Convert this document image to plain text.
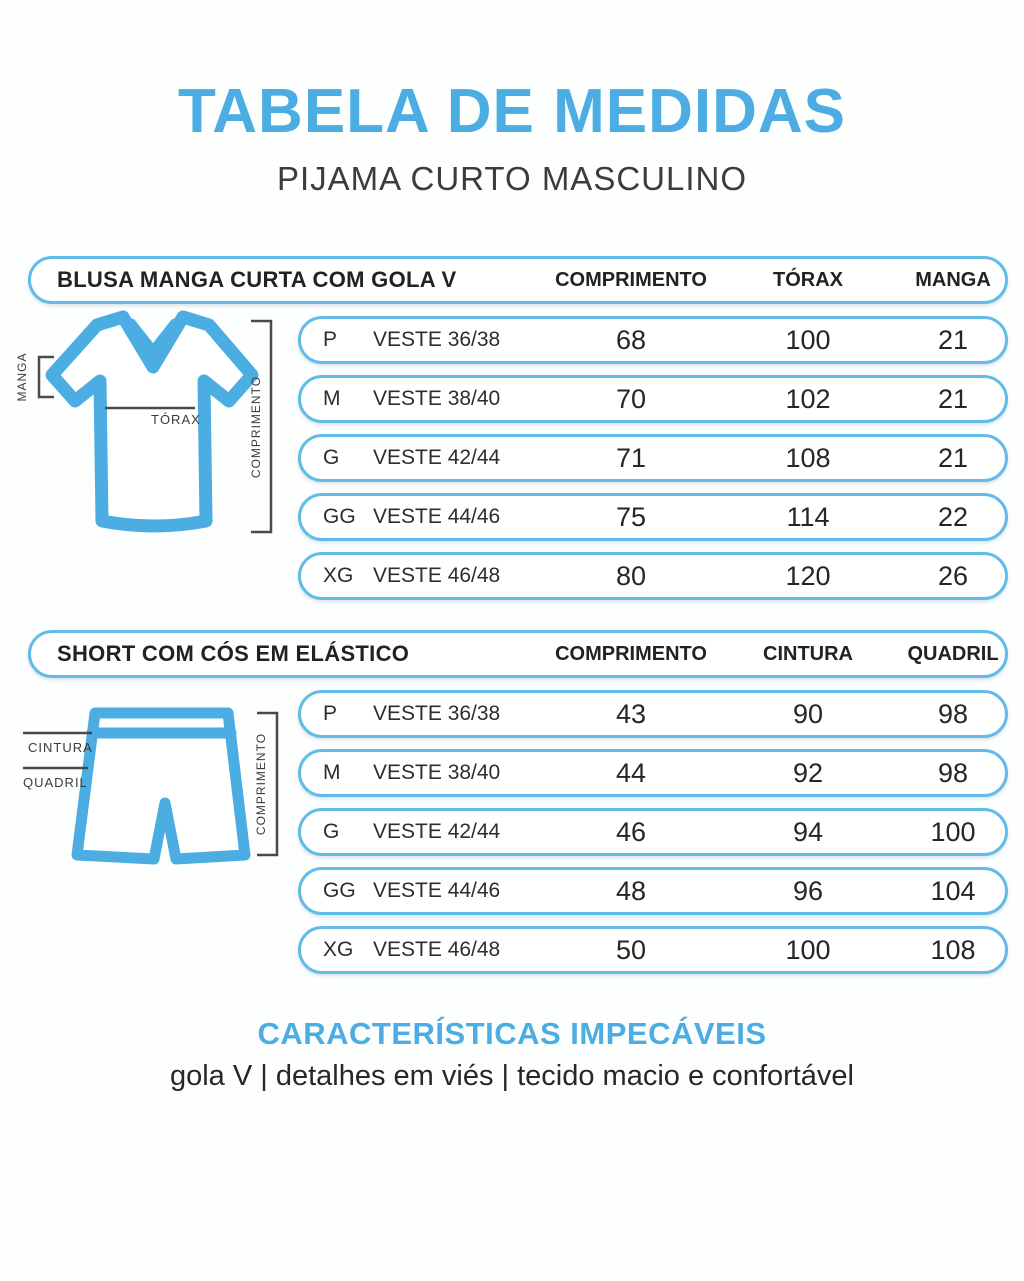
TABELA DE MEDIDAS
PIJAMA CURTO MASCULINO
BLUSA MANGA CURTA COM GOLA V	COMPRIMENTO	TÓRAX	MANGA
P VESTE 36/38	68	100	21
M VESTE 38/40	70	102	21
G VESTE 42/44	71	108	21
GG VESTE 44/46	75	114	22
XG VESTE 46/48	80	120	26
MANGA
TÓRAX	COMPRIMENTO
SHORT COM CÓS EM ELÁSTICO	COMPRIMENTO	CINTURA	QUADRIL
P VESTE 36/38	43	90	98
M VESTE 38/40	44	92	98
G VESTE 42/44	46	94	100
GG VESTE 44/46	48	96	104
XG VESTE 46/48	50	100	108
CINTURA
QUADRIL	COMPRIMENTO
CARACTERÍSTICAS IMPECÁVEIS
gola V | detalhes em viés | tecido macio e confortável
